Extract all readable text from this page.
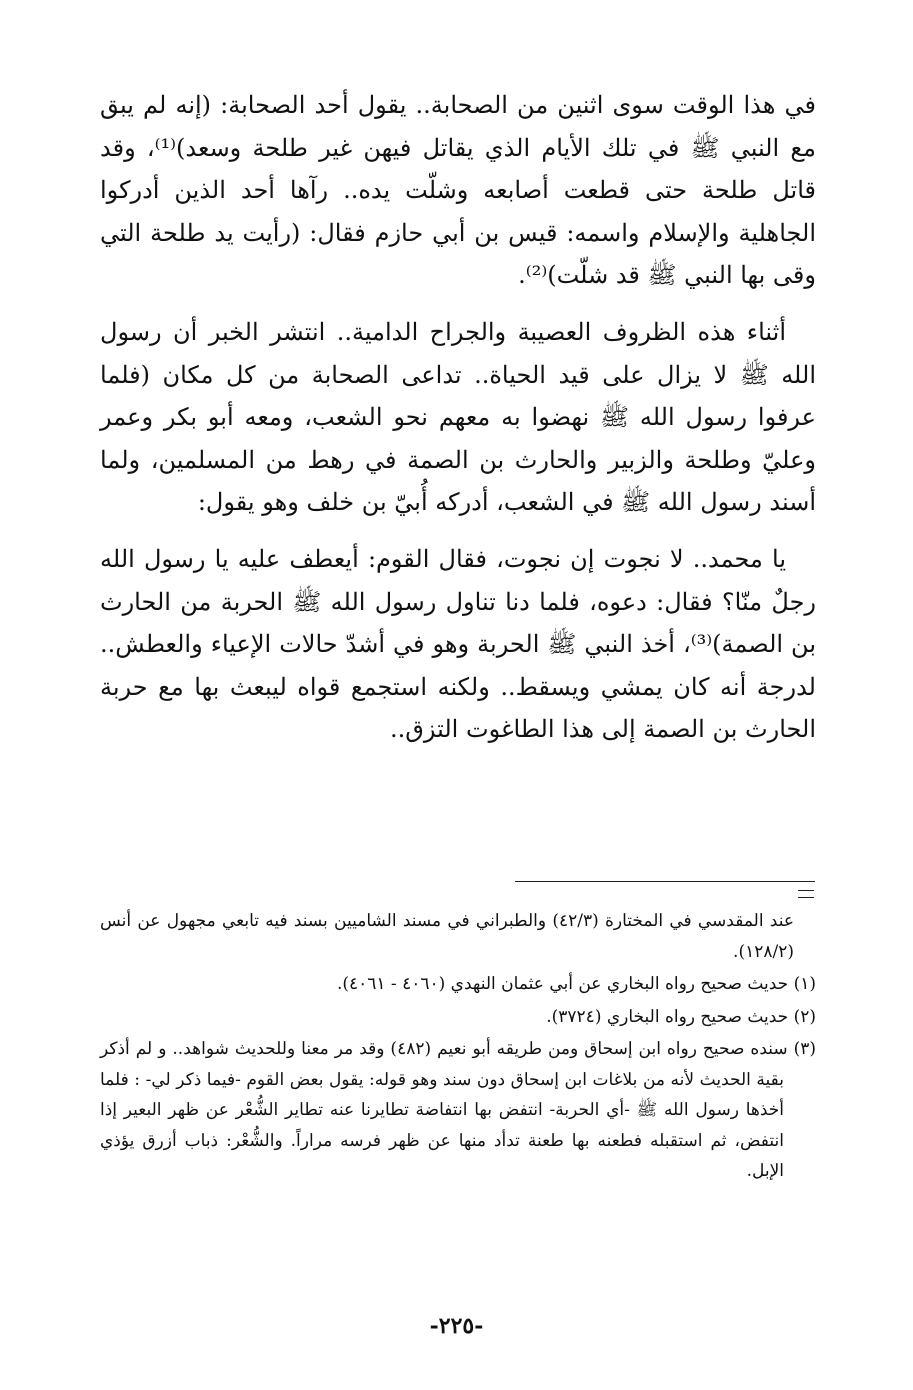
في هذا الوقت سوى اثنين من الصحابة.. يقول أحد الصحابة: (إنه لم يبق مع النبي ﷺ في تلك الأيام الذي يقاتل فيهن غير طلحة وسعد)⁽¹⁾، وقد قاتل طلحة حتى قطعت أصابعه وشلّت يده.. رآها أحد الذين أدركوا الجاهلية والإسلام واسمه: قيس بن أبي حازم فقال: (رأيت يد طلحة التي وقى بها النبي ﷺ قد شلّت)⁽²⁾.

أثناء هذه الظروف العصيبة والجراح الدامية.. انتشر الخبر أن رسول الله ﷺ لا يزال على قيد الحياة.. تداعى الصحابة من كل مكان (فلما عرفوا رسول الله ﷺ نهضوا به معهم نحو الشعب، ومعه أبو بكر وعمر وعليّ وطلحة والزبير والحارث بن الصمة في رهط من المسلمين، ولما أسند رسول الله ﷺ في الشعب، أدركه أُبيّ بن خلف وهو يقول:

يا محمد.. لا نجوت إن نجوت، فقال القوم: أيعطف عليه يا رسول الله رجلٌ منّا؟ فقال: دعوه، فلما دنا تناول رسول الله ﷺ الحربة من الحارث بن الصمة)⁽³⁾، أخذ النبي ﷺ الحربة وهو في أشدّ حالات الإعياء والعطش.. لدرجة أنه كان يمشي ويسقط.. ولكنه استجمع قواه ليبعث بها مع حربة الحارث بن الصمة إلى هذا الطاغوت التزق..

عند المقدسي في المختارة (٤٢/٣) والطبراني في مسند الشاميين بسند فيه تابعي مجهول عن أنس (١٢٨/٢).

(١) حديث صحيح رواه البخاري عن أبي عثمان النهدي (٤٠٦٠ - ٤٠٦١).

(٢) حديث صحيح رواه البخاري (٣٧٢٤).

(٣) سنده صحيح رواه ابن إسحاق ومن طريقه أبو نعيم (٤٨٢) وقد مر معنا وللحديث شواهد.. و لم أذكر بقية الحديث لأنه من بلاغات ابن إسحاق دون سند وهو قوله: يقول بعض القوم -فيما ذكر لي- : فلما أخذها رسول الله ﷺ -أي الحربة- انتفض بها انتفاضة تطايرنا عنه تطاير الشُّعْر عن ظهر البعير إذا انتفض، ثم استقبله فطعنه بها طعنة تدأد منها عن ظهر فرسه مراراً. والشُّعْر: ذباب أزرق يؤذي الإبل.

-٢٢٥-
